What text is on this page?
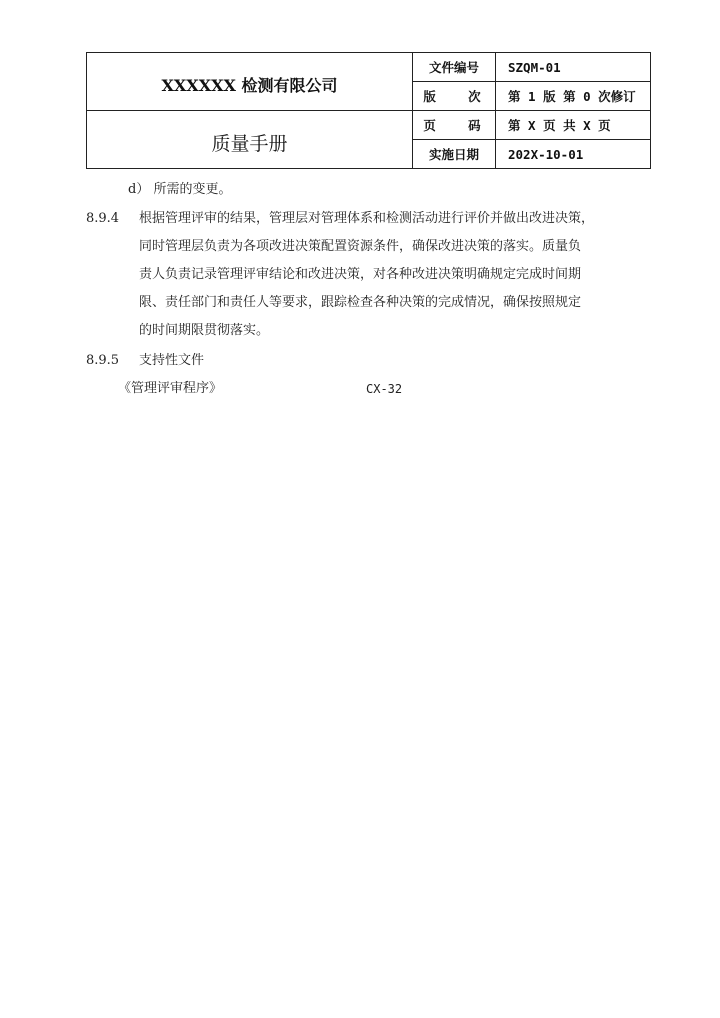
XXXXXX 检测有限公司	文件编号	SZQM-01
	版 次	第 1 版 第 0 次修订

质量手册	页 码	第 X 页 共 X 页
	实施日期	202X-10-01
d） 所需的变更。
8.9.4 根据管理评审的结果，管理层对管理体系和检测活动进行评价并做出改进决策，
同时管理层负责为各项改进决策配置资源条件，确保改进决策的落实。质量负
责人负责记录管理评审结论和改进决策，对各种改进决策明确规定完成时间期
限、责任部门和责任人等要求，跟踪检查各种决策的完成情况，确保按照规定
的时间期限贯彻落实。
8.9.5 支持性文件
《管理评审程序》	CX-32
